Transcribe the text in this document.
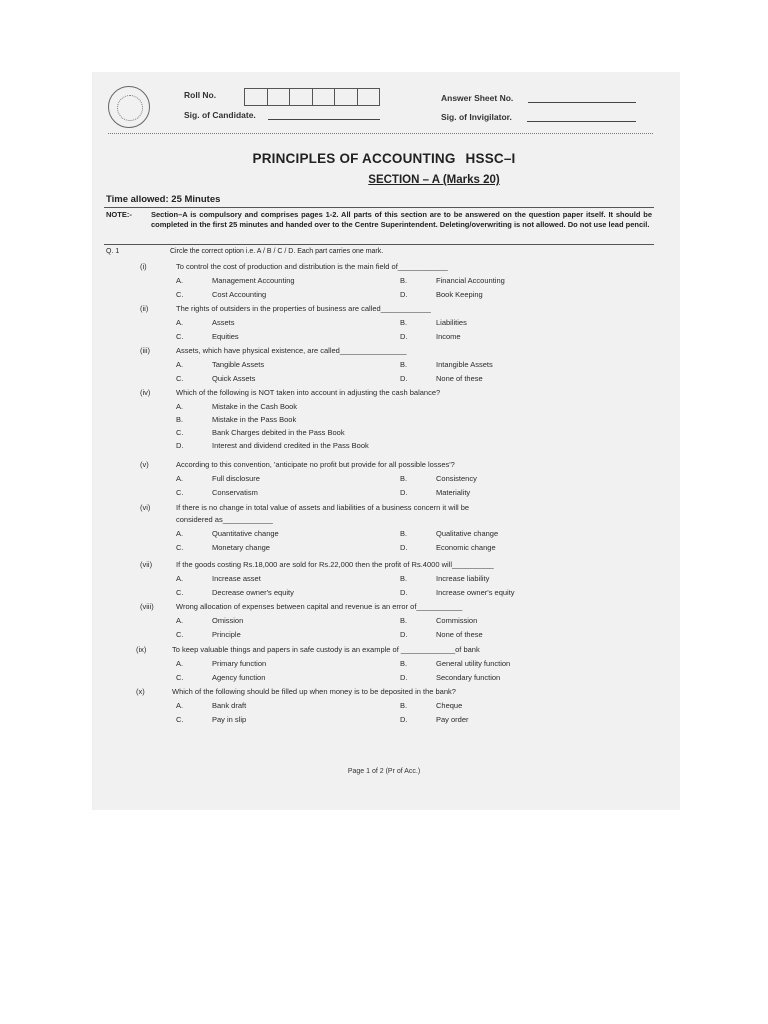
Roll No.
Sig. of Candidate.
Answer Sheet No.
Sig. of Invigilator.
PRINCIPLES OF ACCOUNTING HSSC–I
SECTION – A (Marks 20)
Time allowed: 25 Minutes
NOTE:-	Section–A is compulsory and comprises pages 1-2. All parts of this section are to be answered on the question paper itself. It should be completed in the first 25 minutes and handed over to the Centre Superintendent. Deleting/overwriting is not allowed. Do not use lead pencil.
Q. 1	Circle the correct option i.e. A / B / C / D. Each part carries one mark.
(i)	To control the cost of production and distribution is the main field of____________
A.	Management Accounting	B.	Financial Accounting
C.	Cost Accounting	D.	Book Keeping
(ii)	The rights of outsiders in the properties of business are called____________
A.	Assets	B.	Liabilities
C.	Equities	D.	Income
(iii)	Assets, which have physical existence, are called________________
A.	Tangible Assets	B.	Intangible Assets
C.	Quick Assets	D.	None of these
(iv)	Which of the following is NOT taken into account in adjusting the cash balance?
A.	Mistake in the Cash Book
B.	Mistake in the Pass Book
C.	Bank Charges debited in the Pass Book
D.	Interest and dividend credited in the Pass Book
(v)	According to this convention, 'anticipate no profit but provide for all possible losses'?
A.	Full disclosure	B.	Consistency
C.	Conservatism	D.	Materiality
(vi)	If there is no change in total value of assets and liabilities of a business concern it will be
considered as____________
A.	Quantitative change	B.	Qualitative change
C.	Monetary change	D.	Economic change
(vii)	If the goods costing Rs.18,000 are sold for Rs.22,000 then the profit of Rs.4000 will__________
A.	Increase asset	B.	Increase liability
C.	Decrease owner's equity	D.	Increase owner's equity
(viii)	Wrong allocation of expenses between capital and revenue is an error of___________
A.	Omission	B.	Commission
C.	Principle	D.	None of these
(ix)	To keep valuable things and papers in safe custody is an example of _____________of bank
A.	Primary function	B.	General utility function
C.	Agency function	D.	Secondary function
(x)	Which of the following should be filled up when money is to be deposited in the bank?
A.	Bank draft	B.	Cheque
C.	Pay in slip	D.	Pay order
Page 1 of 2 (Pr of Acc.)
